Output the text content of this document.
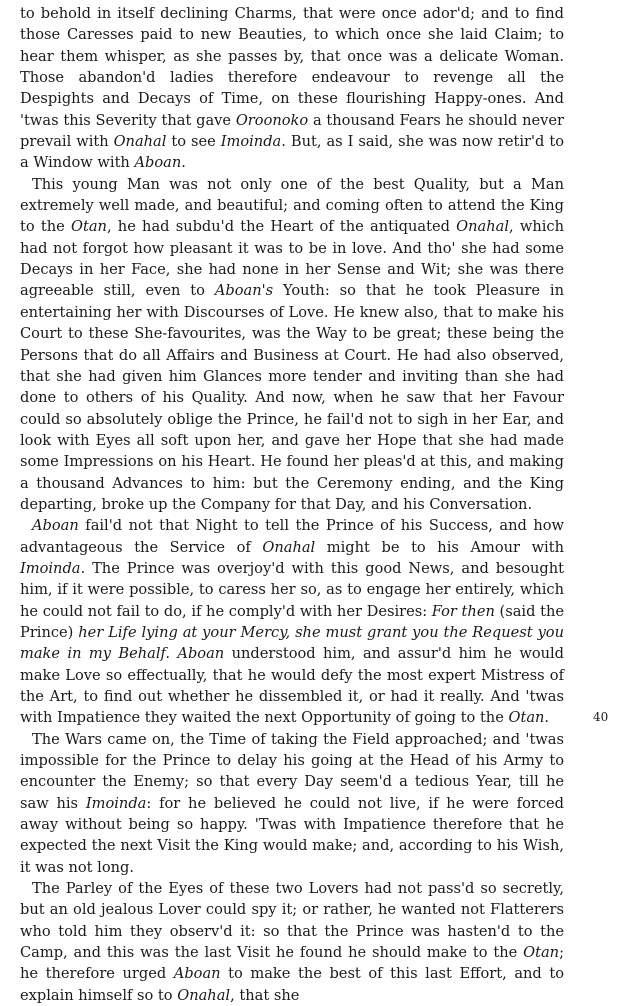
to behold in itself declining Charms, that were once ador'd; and to find those Caresses paid to new Beauties, to which once she laid Claim; to hear them whisper, as she passes by, that once was a delicate Woman. Those abandon'd ladies therefore endeavour to revenge all the Despights and Decays of Time, on these flourishing Happy-ones. And 'twas this Severity that gave Oroonoko a thousand Fears he should never prevail with Onahal to see Imoinda. But, as I said, she was now retir'd to a Window with Aboan.

This young Man was not only one of the best Quality, but a Man extremely well made, and beautiful; and coming often to attend the King to the Otan, he had subdu'd the Heart of the antiquated Onahal, which had not forgot how pleasant it was to be in love. And tho' she had some Decays in her Face, she had none in her Sense and Wit; she was there agreeable still, even to Aboan's Youth: so that he took Pleasure in entertaining her with Discourses of Love. He knew also, that to make his Court to these She-favourites, was the Way to be great; these being the Persons that do all Affairs and Business at Court. He had also observed, that she had given him Glances more tender and inviting than she had done to others of his Quality. And now, when he saw that her Favour could so absolutely oblige the Prince, he fail'd not to sigh in her Ear, and look with Eyes all soft upon her, and gave her Hope that she had made some Impressions on his Heart. He found her pleas'd at this, and making a thousand Advances to him: but the Ceremony ending, and the King departing, broke up the Company for that Day, and his Conversation.

Aboan fail'd not that Night to tell the Prince of his Success, and how advantageous the Service of Onahal might be to his Amour with Imoinda. The Prince was overjoy'd with this good News, and besought him, if it were possible, to caress her so, as to engage her entirely, which he could not fail to do, if he comply'd with her Desires: For then (said the Prince) her Life lying at your Mercy, she must grant you the Request you make in my Behalf. Aboan understood him, and assur'd him he would make Love so effectually, that he would defy the most expert Mistress of the Art, to find out whether he dissembled it, or had it really. And 'twas with Impatience they waited the next Opportunity of going to the Otan.

The Wars came on, the Time of taking the Field approached; and 'twas impossible for the Prince to delay his going at the Head of his Army to encounter the Enemy; so that every Day seem'd a tedious Year, till he saw his Imoinda: for he believed he could not live, if he were forced away without being so happy. 'Twas with Impatience therefore that he expected the next Visit the King would make; and, according to his Wish, it was not long.

The Parley of the Eyes of these two Lovers had not pass'd so secretly, but an old jealous Lover could spy it; or rather, he wanted not Flatterers who told him they observ'd it: so that the Prince was hasten'd to the Camp, and this was the last Visit he found he should make to the Otan; he therefore urged Aboan to make the best of this last Effort, and to explain himself so to Onahal, that she

40
